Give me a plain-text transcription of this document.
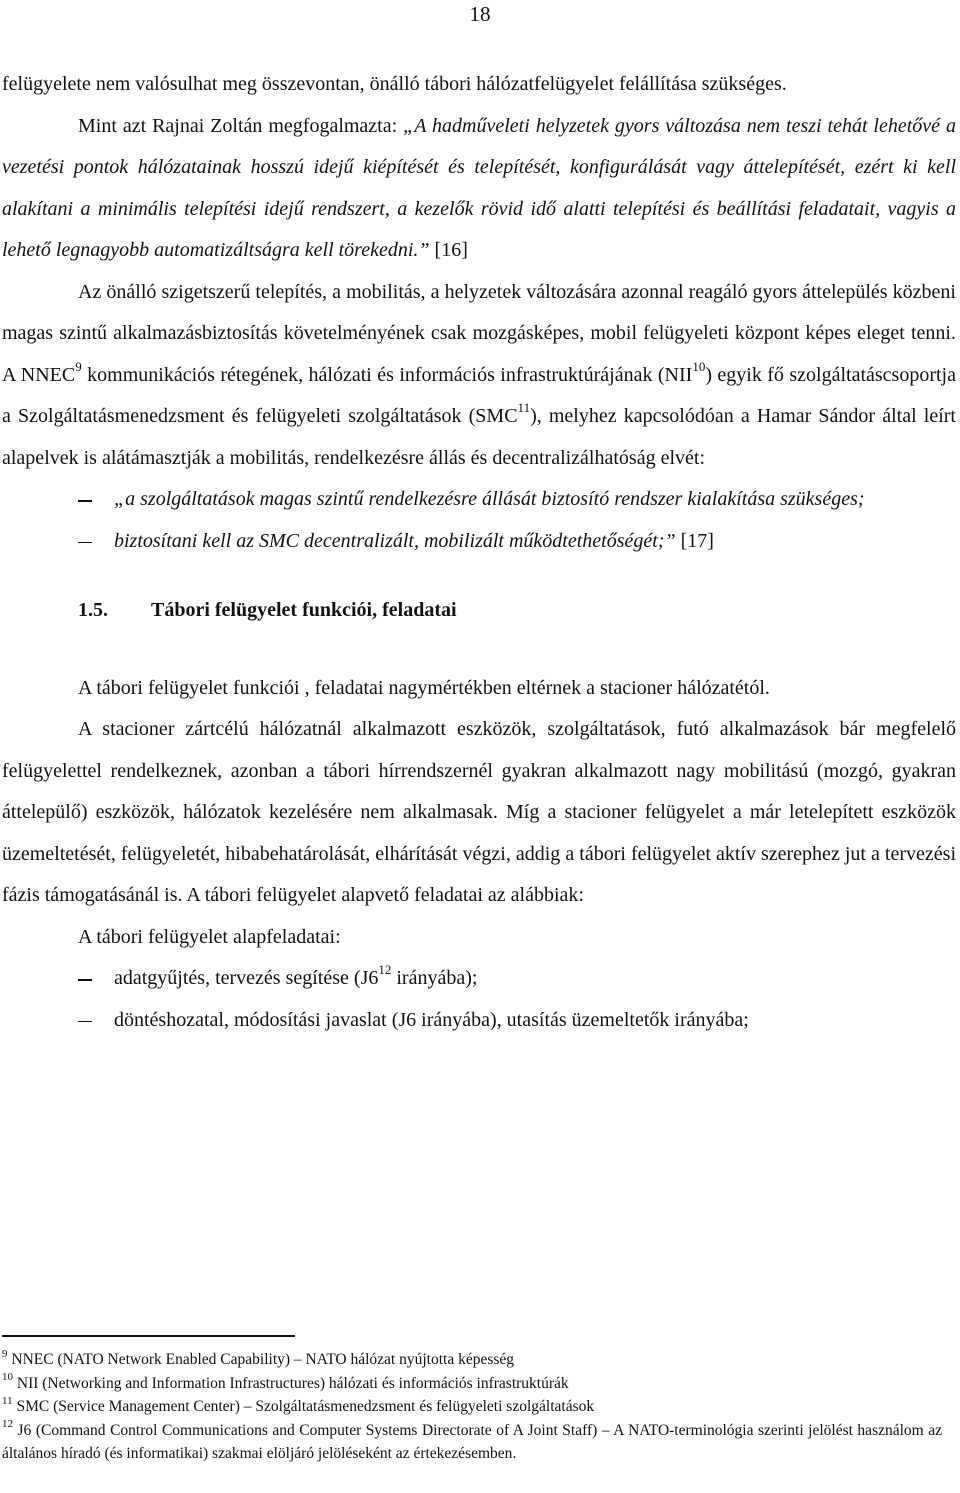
18

felügyelete nem valósulhat meg összevontan, önálló tábori hálózatfelügyelet felállítása szükséges.

Mint azt Rajnai Zoltán megfogalmazta: „A hadműveleti helyzetek gyors változása nem teszi tehát lehetővé a vezetési pontok hálózatainak hosszú idejű kiépítését és telepítését, konfigurálását vagy áttelepítését, ezért ki kell alakítani a minimális telepítési idejű rendszert, a kezelők rövid idő alatti telepítési és beállítási feladatait, vagyis a lehető legnagyobb automatizáltságra kell törekedni.” [16]

Az önálló szigetszerű telepítés, a mobilitás, a helyzetek változására azonnal reagáló gyors áttelepülés közbeni magas szintű alkalmazásbiztosítás követelményének csak mozgásképes, mobil felügyeleti központ képes eleget tenni. A NNEC$^9$ kommunikációs rétegének, hálózati és információs infrastruktúrájának (NII$^{10}$) egyik fő szolgáltatáscsoportja a Szolgáltatásmenedzsment és felügyeleti szolgáltatások (SMC$^{11}$), melyhez kapcsolódóan a Hamar Sándor által leírt alapelvek is alátámasztják a mobilitás, rendelkezésre állás és decentralizálhatóság elvét:

„a szolgáltatások magas szintű rendelkezésre állását biztosító rendszer kialakítása szükséges;
biztosítani kell az SMC decentralizált, mobilizált működtethetőségét;” [17]
1.5.	Tábori felügyelet funkciói, feladatai

A tábori felügyelet funkciói , feladatai nagymértékben eltérnek a stacioner hálózatétól.

A stacioner zártcélú hálózatnál alkalmazott eszközök, szolgáltatások, futó alkalmazások bár megfelelő felügyelettel rendelkeznek, azonban a tábori hírrendszernél gyakran alkalmazott nagy mobilitású (mozgó, gyakran áttelepülő) eszközök, hálózatok kezelésére nem alkalmasak. Míg a stacioner felügyelet a már letelepített eszközök üzemeltetését, felügyeletét, hibabehatárolását, elhárítását végzi, addig a tábori felügyelet aktív szerephez jut a tervezési fázis támogatásánál is. A tábori felügyelet alapvető feladatai az alábbiak:

A tábori felügyelet alapfeladatai:

adatgyűjtés, tervezés segítése ($J6^{12}$ irányába);
döntéshozatal, módosítási javaslat (J6 irányába), utasítás üzemeltetők irányába;

$^9$ NNEC (NATO Network Enabled Capability) – NATO hálózat nyújtotta képesség

$^{10}$ NII (Networking and Information Infrastructures) hálózati és információs infrastruktúrák

$^{11}$ SMC (Service Management Center) – Szolgáltatásmenedzsment és felügyeleti szolgáltatások

$^{12}$ J6 (Command Control Communications and Computer Systems Directorate of A Joint Staff) – A NATO-terminológia szerinti jelölést használom az általános híradó (és informatikai) szakmai elöljáró jelöléseként az értekezésemben.
